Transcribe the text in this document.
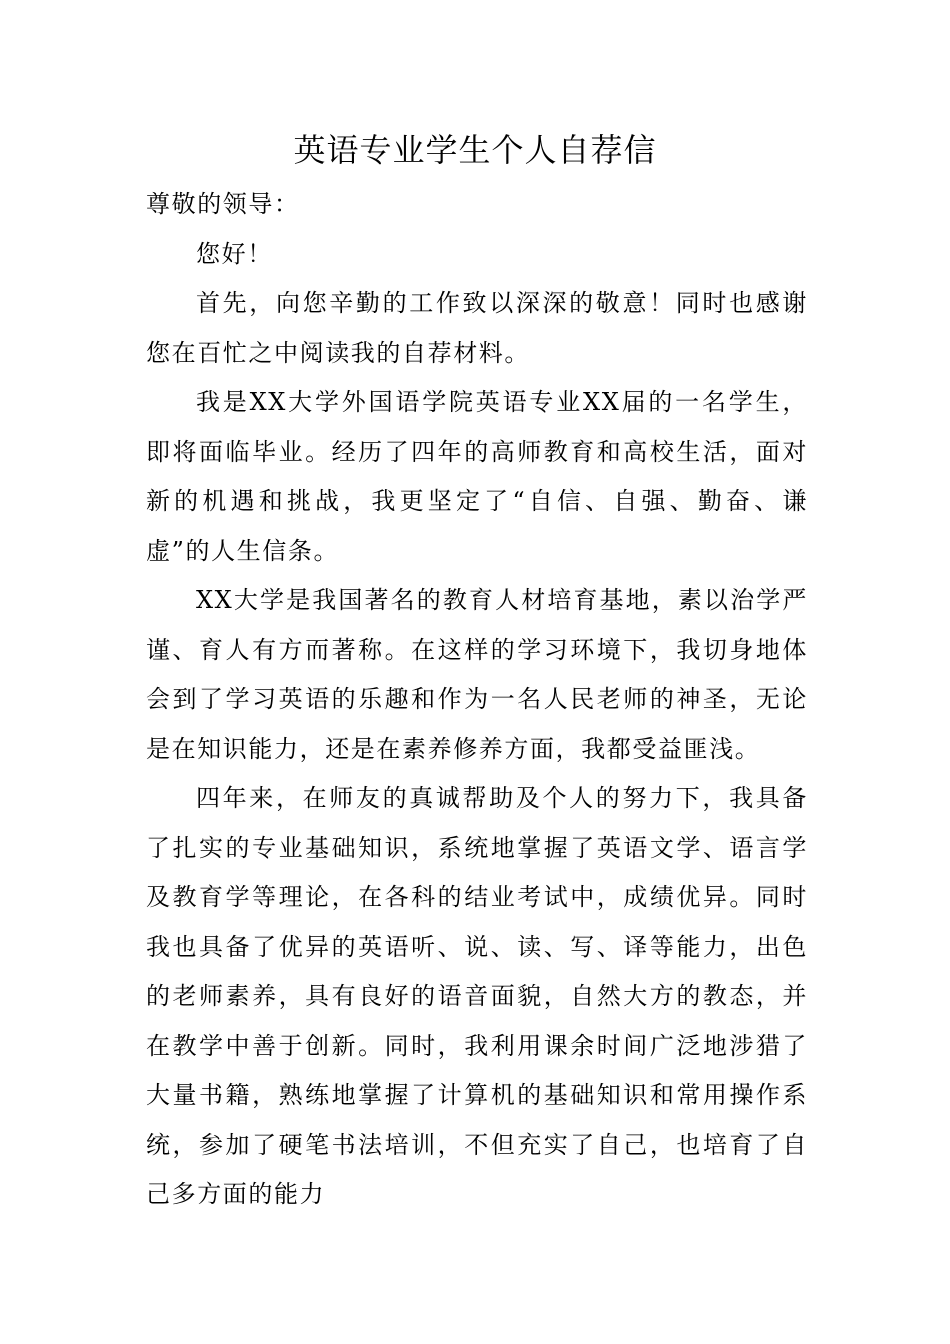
英语专业学生个人自荐信

尊敬的领导：

您好！

首先，向您辛勤的工作致以深深的敬意！同时也感谢您在百忙之中阅读我的自荐材料。

我是XX大学外国语学院英语专业XX届的一名学生，即将面临毕业。经历了四年的高师教育和高校生活，面对新的机遇和挑战，我更坚定了“自信、自强、勤奋、谦虚”的人生信条。

XX大学是我国著名的教育人材培育基地，素以治学严谨、育人有方而著称。在这样的学习环境下，我切身地体会到了学习英语的乐趣和作为一名人民老师的神圣，无论是在知识能力，还是在素养修养方面，我都受益匪浅。

四年来，在师友的真诚帮助及个人的努力下，我具备了扎实的专业基础知识，系统地掌握了英语文学、语言学及教育学等理论，在各科的结业考试中，成绩优异。同时我也具备了优异的英语听、说、读、写、译等能力，出色的老师素养，具有良好的语音面貌，自然大方的教态，并在教学中善于创新。同时，我利用课余时间广泛地涉猎了大量书籍，熟练地掌握了计算机的基础知识和常用操作系统，参加了硬笔书法培训，不但充实了自己，也培育了自己多方面的能力
